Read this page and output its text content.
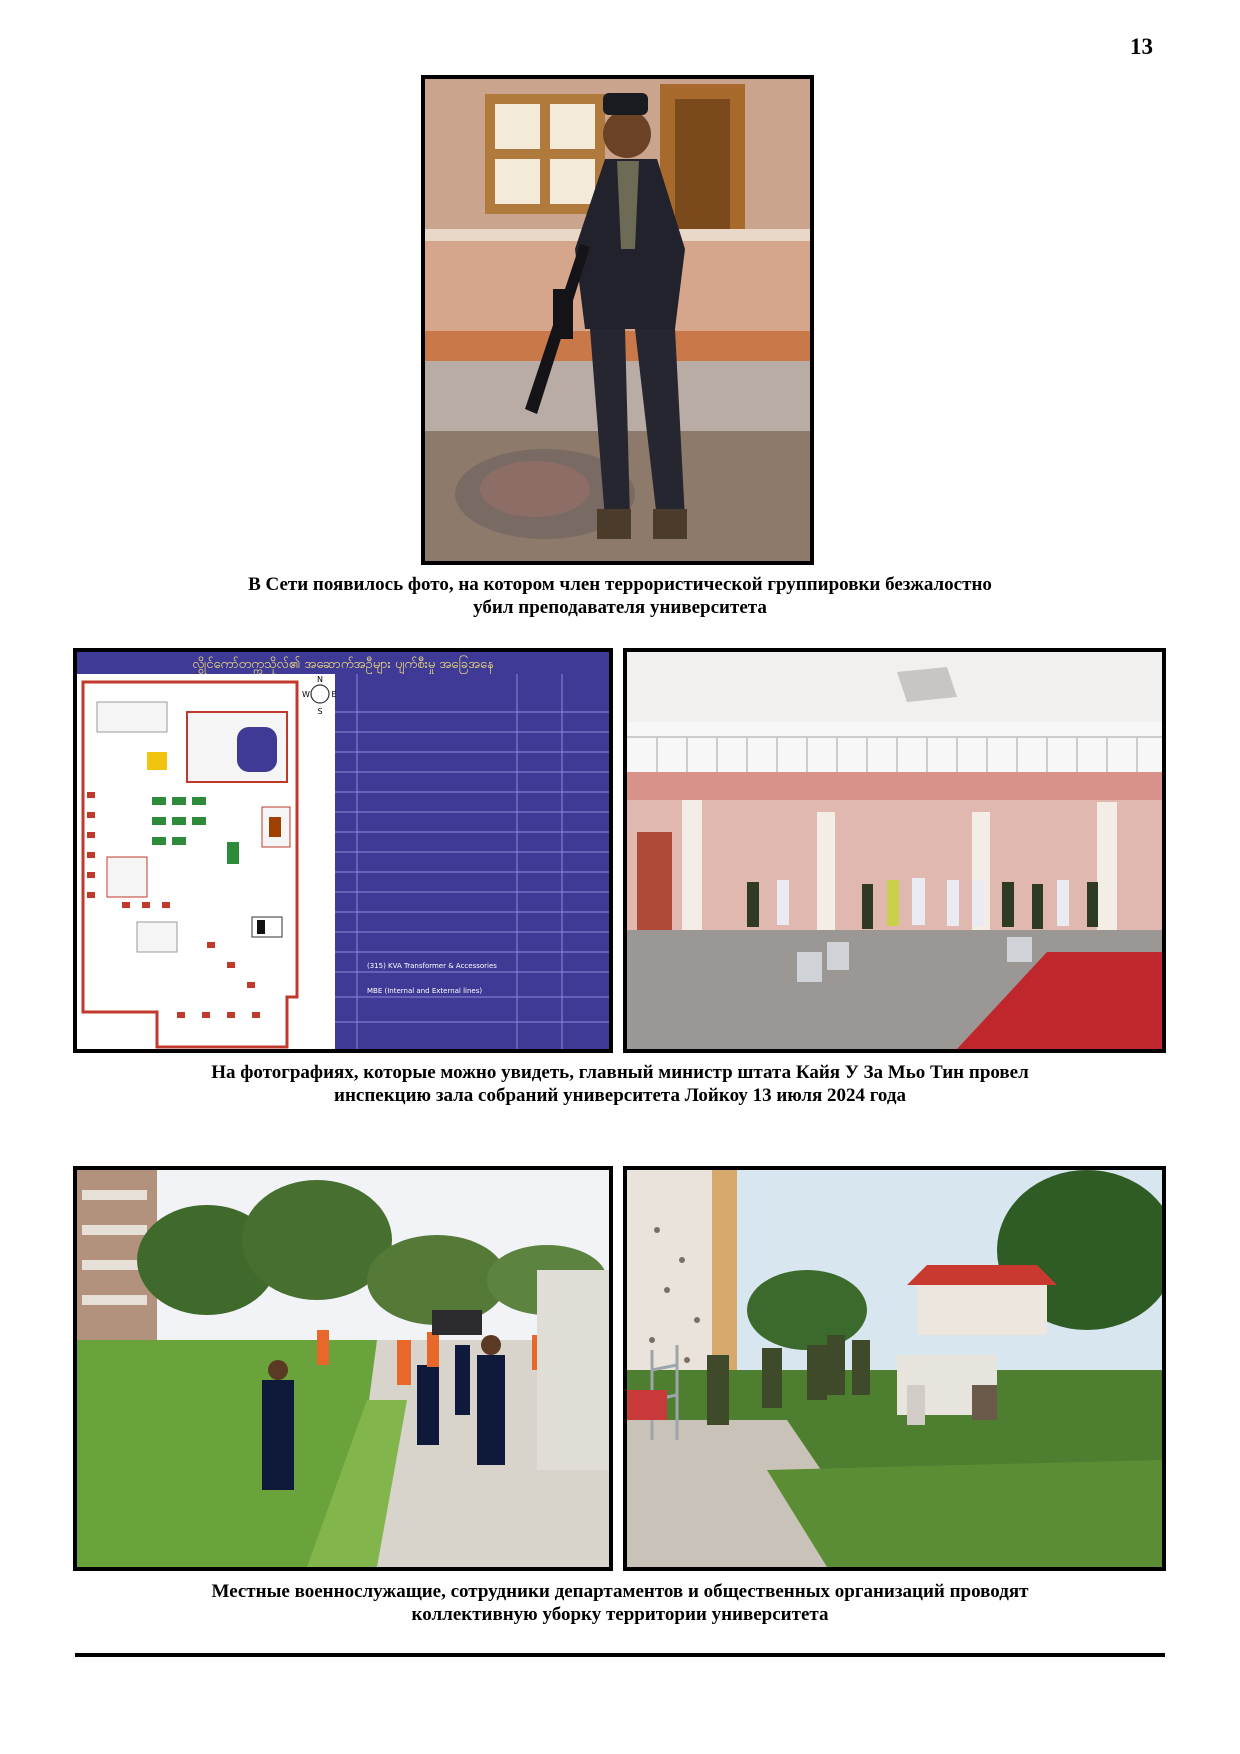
13
В Сети появилось фото, на котором член террористической группировки безжалостно
убил преподавателя университета
လွိုင်ကော်တက္ကသိုလ်၏ အဆောက်အဦများ ပျက်စီးမှု အခြေအနေ
(315) KVA Transformer & Accessories
MBE (Internal and External lines)
N
S
E
W
На фотографиях, которые можно увидеть, главный министр штата Кайя У За Мьо Тин провел
инспекцию зала собраний университета Лойкоу 13 июля 2024 года
Местные военнослужащие, сотрудники департаментов и общественных организаций проводят
коллективную уборку территории университета
